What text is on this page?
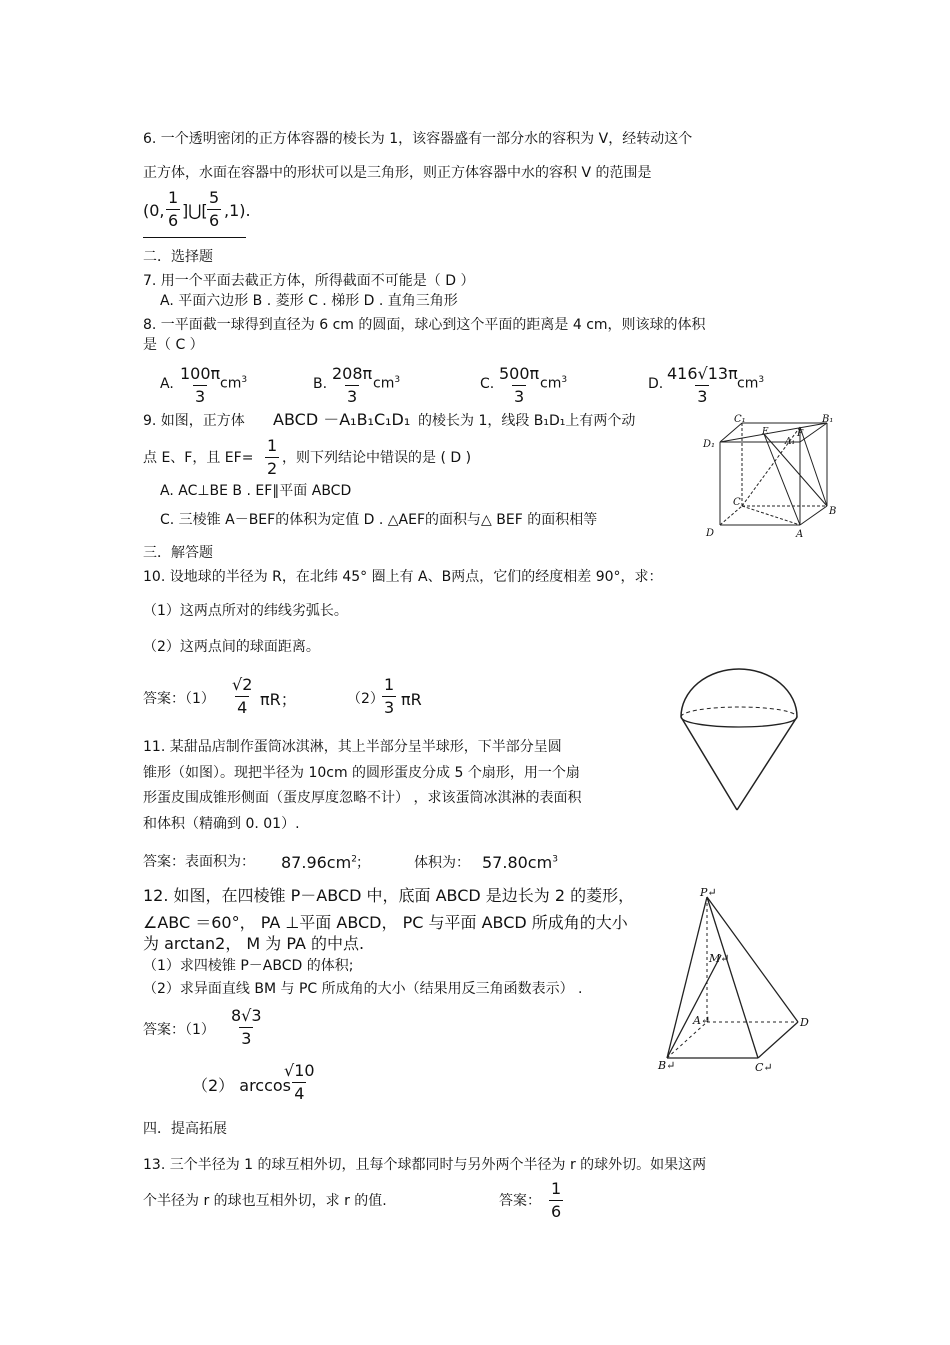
6. 一个透明密闭的正方体容器的棱长为 1，该容器盛有一部分水的容积为 V，经转动这个
正方体，水面在容器中的形状可以是三角形，则正方体容器中水的容积 V 的范围是
(0, $\frac{1}{6}$ ]⋃[ $\frac{5}{6} ,1$).
二．选择题
7. 用一个平面去截正方体，所得截面不可能是（ D ）
A. 平面六边形 B . 菱形 C . 梯形 D . 直角三角形
8. 一平面截一球得到直径为 6 cm 的圆面，球心到这个平面的距离是 4 cm，则该球的体积
是（ C ）
A. $\frac{100\pi}{3}$
$cm^3$	B. $\frac{208\pi}{3}$
$cm^3$	C. $\frac{500\pi}{3}$
$cm^3$	D. $\frac{416√13\pi}{3}$
$cm^3$
9. 如图，正方体 ABCD －A₁B₁C₁D₁ 的棱长为 1，线段 B₁D₁上有两个动
点 E、F，且 $EF= \frac{1}{2}$ ，则下列结论中错误的是 ( D )
A. AC⊥BE B . EF∥平面 ABCD
C. 三棱锥 A－BEF的体积为定值 D . △AEF的面积与△ BEF 的面积相等
C₁	B₁
D₁
E	F
A₁
C
B
D	A
三．解答题
10. 设地球的半径为 R，在北纬 45° 圈上有 A、B两点，它们的经度相差 90°，求：
（1）这两点所对的纬线劣弧长。
（2）这两点间的球面距离。
答案：$(1) \frac{√2}{4}$ πR；	（2）
$\frac{1}{3}$ πR
11. 某甜品店制作蛋筒冰淇淋，其上半部分呈半球形，下半部分呈圆
锥形（如图）。现把半径为 10cm 的圆形蛋皮分成 5 个扇形，用一个扇
形蛋皮围成锥形侧面（蛋皮厚度忽略不计） ，求该蛋筒冰淇淋的表面积
和体积（精确到 0. 01）.
答案：表面积为： $87.96cm^2$ ；	体积为： $57.80cm^3$
12. 如图，在四棱锥 P－ABCD 中，底面 ABCD 是边长为 2 的菱形，
∠ABC ＝60°， PA ⊥平面 ABCD， PC 与平面 ABCD 所成角的大小
为 arctan2， M 为 PA 的中点.
（1）求四棱锥 P－ABCD 的体积;
（2）求异面直线 BM 与 PC 所成角的大小（结果用反三角函数表示） .
答案：$(1) \frac{8√3}{3}$
（2） arccos
$\frac{√10}{4}$
P↵
M↵
A↵	D
B↵	C↵
四．提高拓展
13. 三个半径为 1 的球互相外切，且每个球都同时与另外两个半径为 r 的球外切。如果这两
个半径为 r 的球也互相外切，求 r 的值.	答案： $\frac{1}{6}$
